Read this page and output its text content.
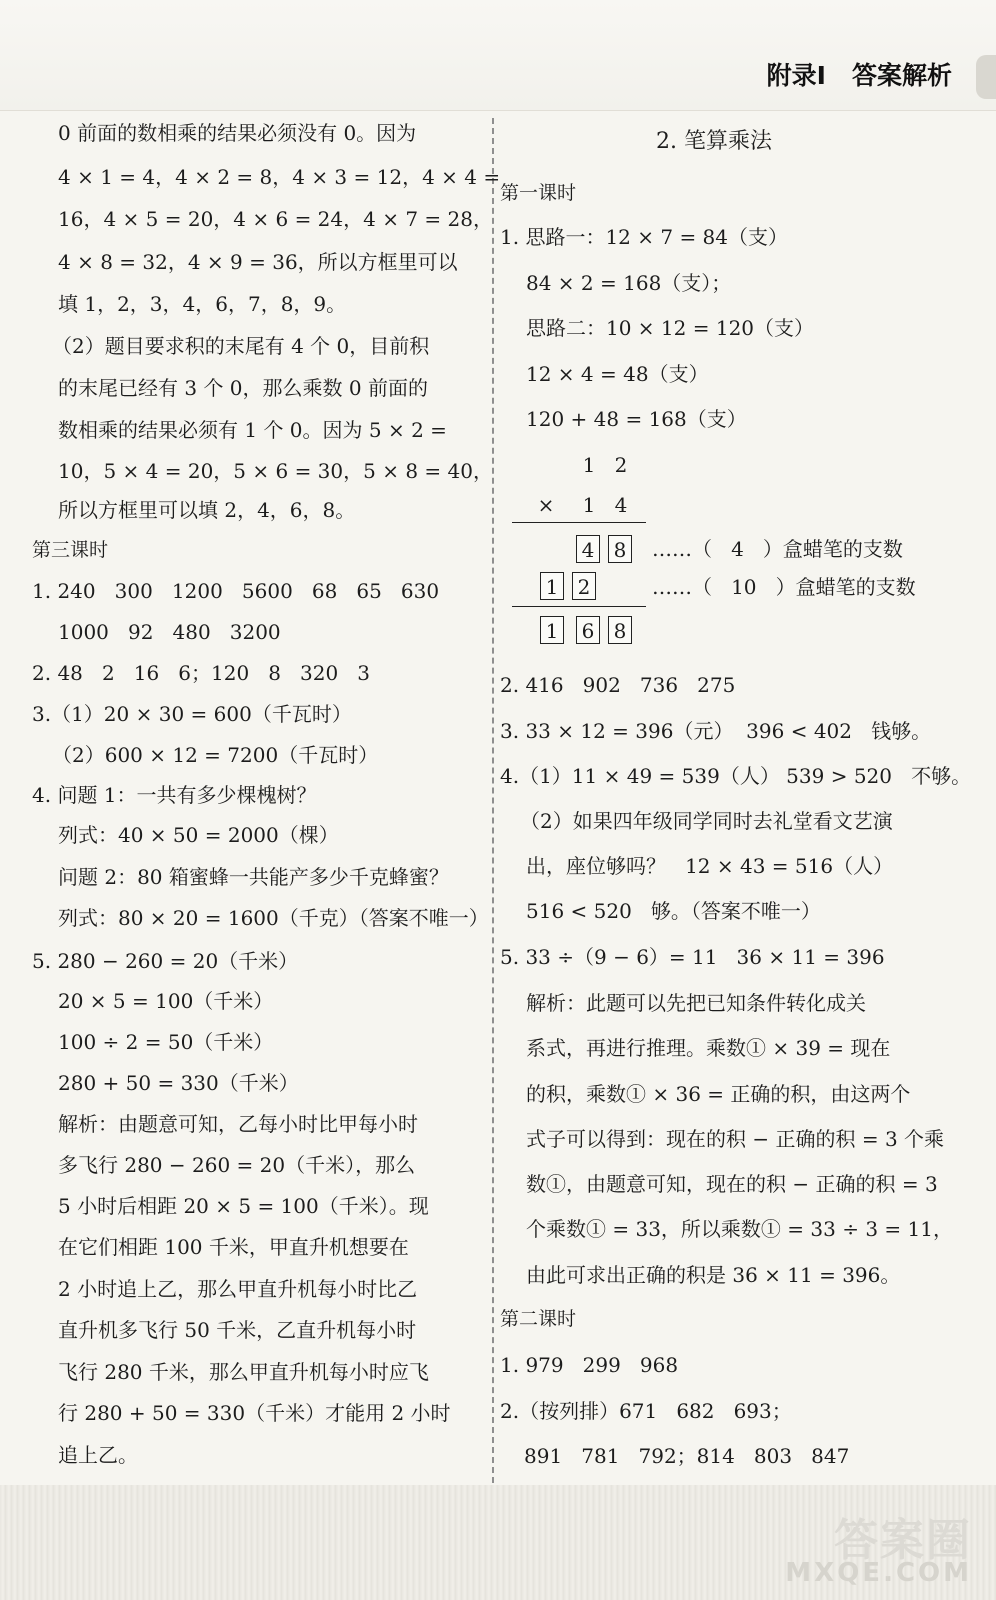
附录Ⅰ   答案解析
0 前面的数相乘的结果必须没有 0。因为
4 × 1 = 4，4 × 2 = 8，4 × 3 = 12，4 × 4 =
16，4 × 5 = 20，4 × 6 = 24，4 × 7 = 28，
4 × 8 = 32，4 × 9 = 36，所以方框里可以
填 1，2，3，4，6，7，8，9。
（2）题目要求积的末尾有 4 个 0，目前积
的末尾已经有 3 个 0，那么乘数 0 前面的
数相乘的结果必须有 1 个 0。因为 5 × 2 =
10，5 × 4 = 20，5 × 6 = 30，5 × 8 = 40，
所以方框里可以填 2，4，6，8。
第三课时
1. 240   300   1200   5600   68   65   630
1000   92   480   3200
2. 48   2   16   6；120   8   320   3
3.（1）20 × 30 = 600（千瓦时）
（2）600 × 12 = 7200（千瓦时）
4. 问题 1：一共有多少棵槐树？
列式：40 × 50 = 2000（棵）
问题 2：80 箱蜜蜂一共能产多少千克蜂蜜？
列式：80 × 20 = 1600（千克）（答案不唯一）
5. 280 − 260 = 20（千米）
20 × 5 = 100（千米）
100 ÷ 2 = 50（千米）
280 + 50 = 330（千米）
解析：由题意可知，乙每小时比甲每小时
多飞行 280 − 260 = 20（千米），那么
5 小时后相距 20 × 5 = 100（千米）。现
在它们相距 100 千米，甲直升机想要在
2 小时追上乙，那么甲直升机每小时比乙
直升机多飞行 50 千米，乙直升机每小时
飞行 280 千米，那么甲直升机每小时应飞
行 280 + 50 = 330（千米）才能用 2 小时
追上乙。
2. 笔算乘法
第一课时
1. 思路一：12 × 7 = 84（支）
84 × 2 = 168（支）；
思路二：10 × 12 = 120（支）
12 × 4 = 48（支）
120 + 48 = 168（支）
1 2
× 1 4
4 8 ……（   4   ）盒蜡笔的支数
1 2	……（   10   ）盒蜡笔的支数
1 6 8
2. 416   902   736   275
3. 33 × 12 = 396（元）  396 < 402   钱够。
4.（1）11 × 49 = 539（人） 539 > 520   不够。
（2）如果四年级同学同时去礼堂看文艺演
出，座位够吗？   12 × 43 = 516（人）
516 < 520   够。（答案不唯一）
5. 33 ÷（9 − 6）= 11   36 × 11 = 396
解析：此题可以先把已知条件转化成关
系式，再进行推理。乘数① × 39 = 现在
的积，乘数① × 36 = 正确的积，由这两个
式子可以得到：现在的积 − 正确的积 = 3 个乘
数①，由题意可知，现在的积 − 正确的积 = 3
个乘数① = 33，所以乘数① = 33 ÷ 3 = 11，
由此可求出正确的积是 36 × 11 = 396。
第二课时
1. 979   299   968
2.（按列排）671   682   693；
891   781   792；814   803   847
答案圈
MXQE.COM
